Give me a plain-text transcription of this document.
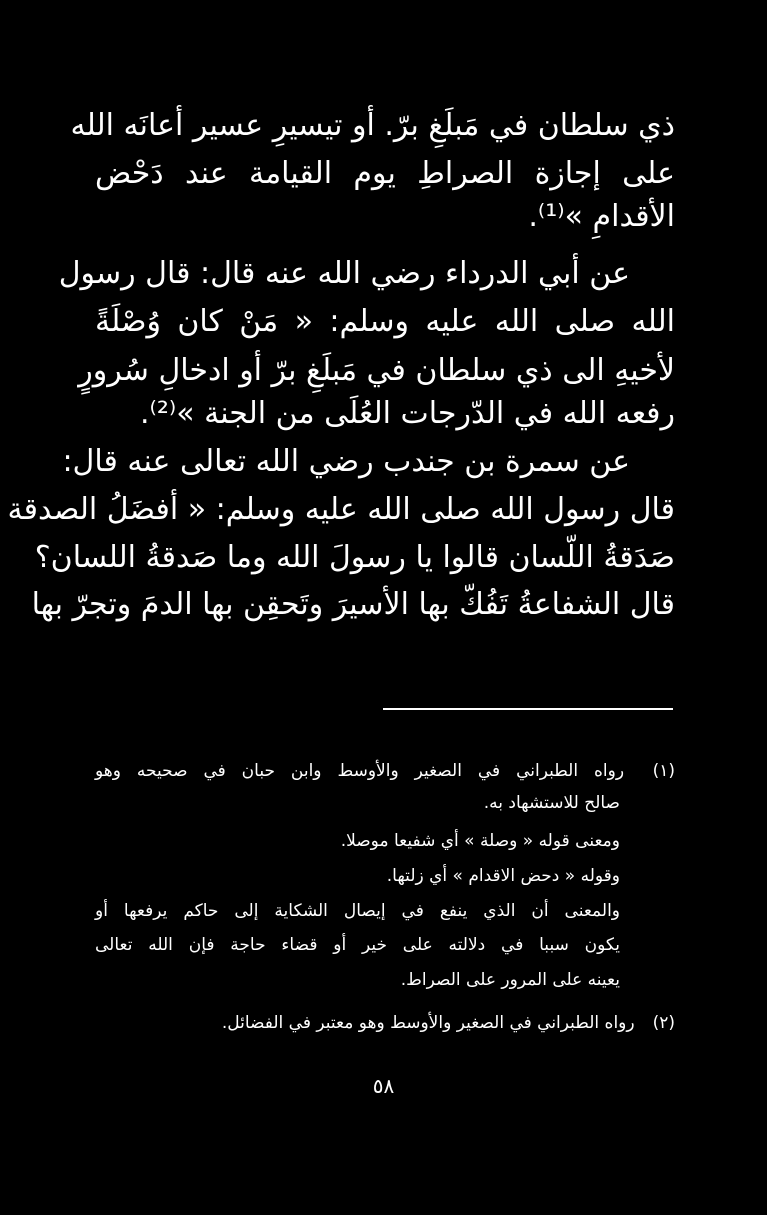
ذي سلطان في مَبلَغِ برّ. أو تيسيرِ عسير أعانَه الله
على إجازة الصراطِ يوم القيامة عند دَحْض
الأقدامِ »⁽¹⁾.
عن أبي الدرداء رضي الله عنه قال: قال رسول
الله صلى الله عليه وسلم: « مَنْ كان وُصْلَةً
لأخيهِ الى ذي سلطان في مَبلَغِ برّ أو ادخالِ سُرورٍ
رفعه الله في الدّرجات العُلَى من الجنة »⁽²⁾.
عن سمرة بن جندب رضي الله تعالى عنه قال:
قال رسول الله صلى الله عليه وسلم: « أفضَلُ الصدقة
صَدَقةُ اللّسان قالوا يا رسولَ الله وما صَدقةُ اللسان؟
قال الشفاعةُ تَفُكّ بها الأسيرَ وتَحقِن بها الدمَ وتجرّ بها
(١) رواه الطبراني في الصغير والأوسط وابن حبان في صحيحه وهو
صالح للاستشهاد به.
ومعنى قوله « وصلة » أي شفيعا موصلا.
وقوله « دحض الاقدام » أي زلتها.
والمعنى أن الذي ينفع في إيصال الشكاية إلى حاكم يرفعها أو
يكون سببا في دلالته على خير أو قضاء حاجة فإن الله تعالى
يعينه على المرور على الصراط.
(٢) رواه الطبراني في الصغير والأوسط وهو معتبر في الفضائل.
٥٨
